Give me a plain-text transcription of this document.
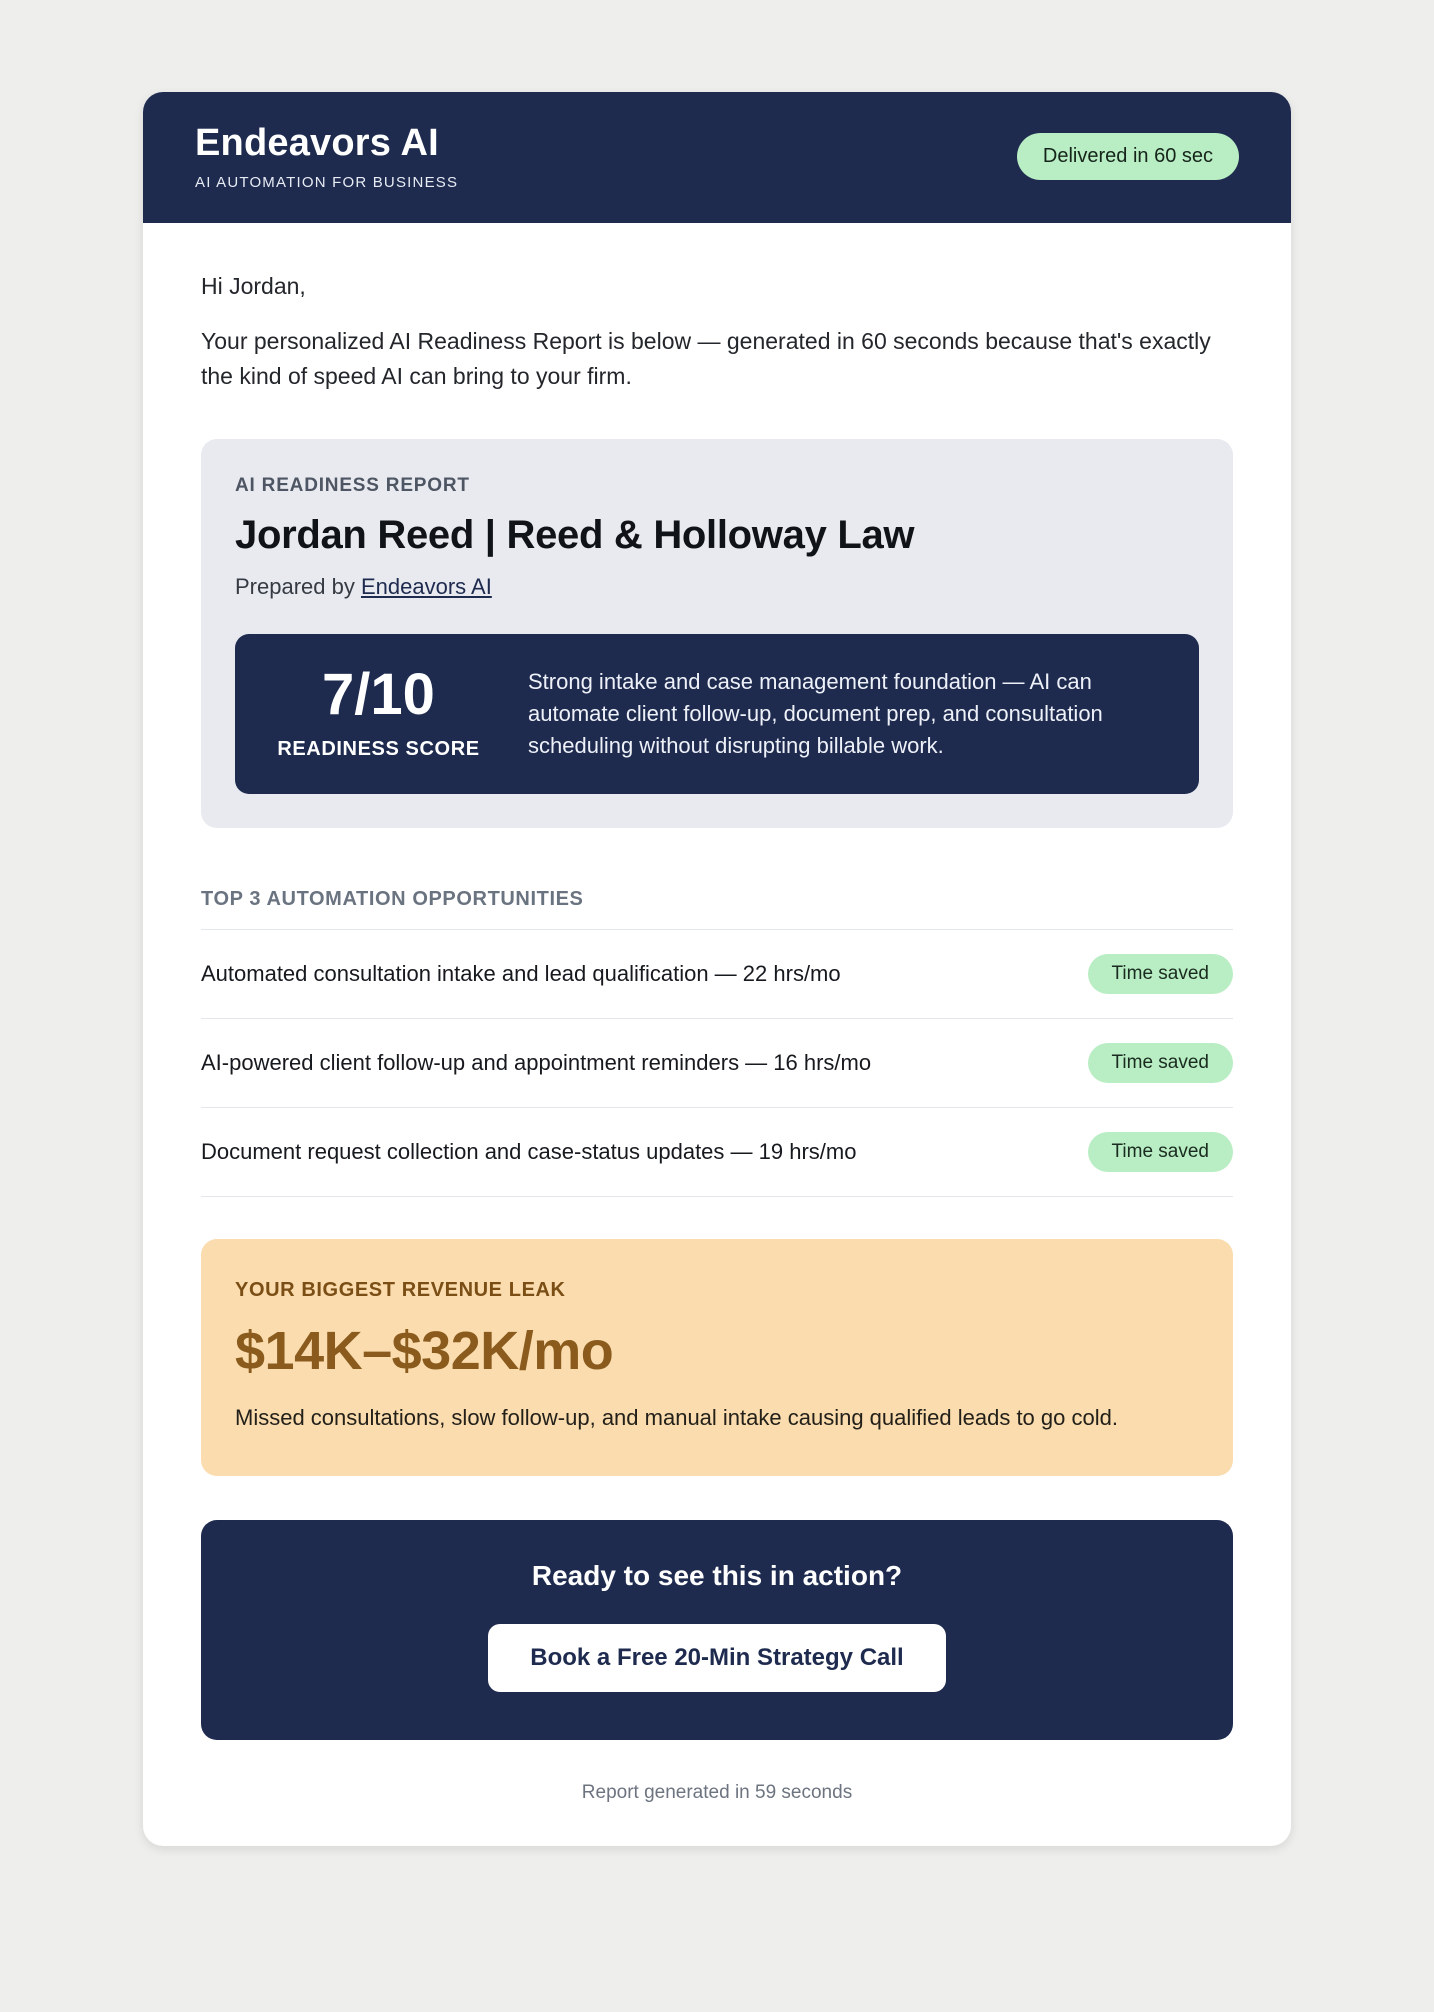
Endeavors AI
AI AUTOMATION FOR BUSINESS
Delivered in 60 sec
Hi Jordan,
Your personalized AI Readiness Report is below — generated in 60 seconds because that's exactly the kind of speed AI can bring to your firm.
AI READINESS REPORT
Jordan Reed | Reed & Holloway Law
Prepared by Endeavors AI
7/10
READINESS SCORE
Strong intake and case management foundation — AI can automate client follow-up, document prep, and consultation scheduling without disrupting billable work.
TOP 3 AUTOMATION OPPORTUNITIES
Automated consultation intake and lead qualification — 22 hrs/mo	Time saved
AI-powered client follow-up and appointment reminders — 16 hrs/mo	Time saved
Document request collection and case-status updates — 19 hrs/mo	Time saved
YOUR BIGGEST REVENUE LEAK
$14K–$32K/mo
Missed consultations, slow follow-up, and manual intake causing qualified leads to go cold.
Ready to see this in action?
Book a Free 20-Min Strategy Call
Report generated in 59 seconds
